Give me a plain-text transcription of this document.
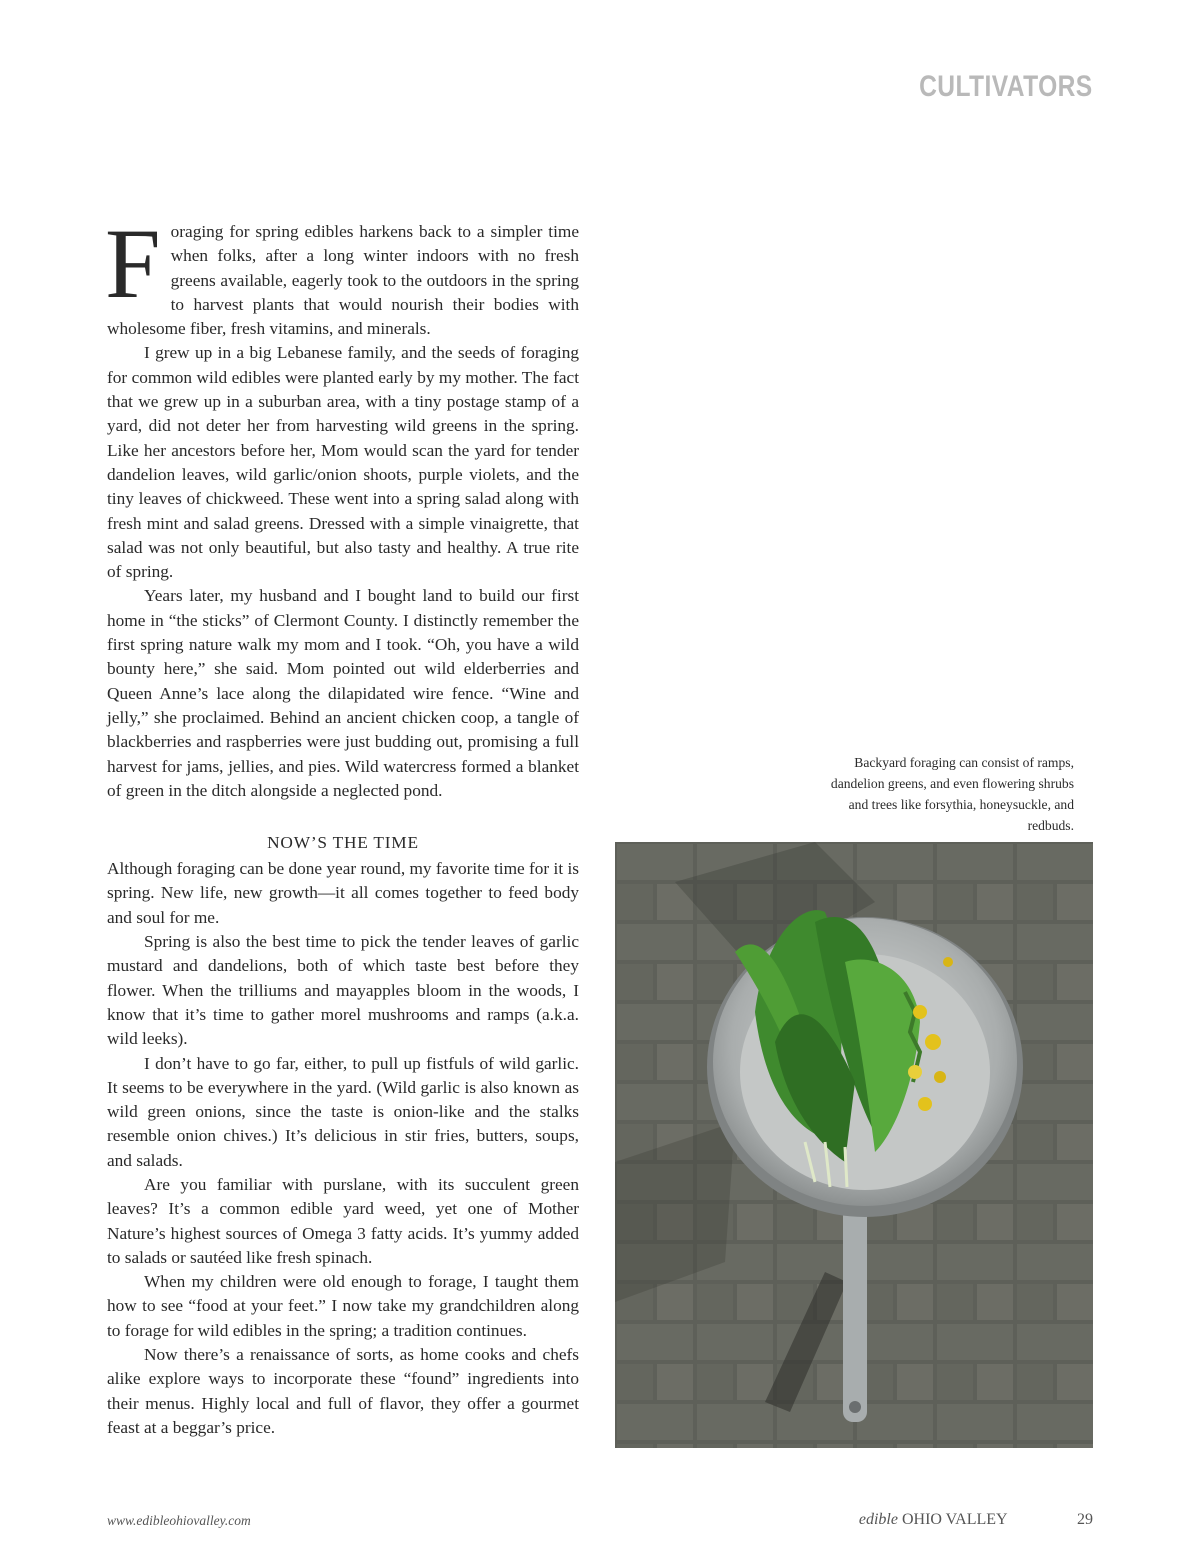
CULTIVATORS

Foraging for spring edibles harkens back to a simpler time when folks, after a long winter indoors with no fresh greens available, eagerly took to the outdoors in the spring to harvest plants that would nourish their bodies with wholesome fiber, fresh vitamins, and minerals.

I grew up in a big Lebanese family, and the seeds of foraging for common wild edibles were planted early by my mother. The fact that we grew up in a suburban area, with a tiny postage stamp of a yard, did not deter her from harvesting wild greens in the spring. Like her ancestors before her, Mom would scan the yard for tender dandelion leaves, wild garlic/onion shoots, purple violets, and the tiny leaves of chickweed. These went into a spring salad along with fresh mint and salad greens. Dressed with a simple vinaigrette, that salad was not only beautiful, but also tasty and healthy. A true rite of spring.

Years later, my husband and I bought land to build our first home in “the sticks” of Clermont County. I distinctly remember the first spring nature walk my mom and I took. “Oh, you have a wild bounty here,” she said. Mom pointed out wild elderberries and Queen Anne’s lace along the dilapidated wire fence. “Wine and jelly,” she proclaimed. Behind an ancient chicken coop, a tangle of blackberries and raspberries were just budding out, promising a full harvest for jams, jellies, and pies. Wild watercress formed a blanket of green in the ditch alongside a neglected pond.

NOW’S THE TIME

Although foraging can be done year round, my favorite time for it is spring. New life, new growth—it all comes together to feed body and soul for me.

Spring is also the best time to pick the tender leaves of garlic mustard and dandelions, both of which taste best before they flower. When the trilliums and mayapples bloom in the woods, I know that it’s time to gather morel mushrooms and ramps (a.k.a. wild leeks).

I don’t have to go far, either, to pull up fistfuls of wild garlic. It seems to be everywhere in the yard. (Wild garlic is also known as wild green onions, since the taste is onion-like and the stalks resemble onion chives.) It’s delicious in stir fries, butters, soups, and salads.

Are you familiar with purslane, with its succulent green leaves? It’s a common edible yard weed, yet one of Mother Nature’s highest sources of Omega 3 fatty acids. It’s yummy added to salads or sautéed like fresh spinach.

When my children were old enough to forage, I taught them how to see “food at your feet.” I now take my grandchildren along to forage for wild edibles in the spring; a tradition continues.

Now there’s a renaissance of sorts, as home cooks and chefs alike explore ways to incorporate these “found” ingredients into their menus. Highly local and full of flavor, they offer a gourmet feast at a beggar’s price.

Backyard foraging can consist of ramps, dandelion greens, and even flowering shrubs and trees like forsythia, honeysuckle, and redbuds.
www.edibleohiovalley.com	edible OHIO VALLEY	29
